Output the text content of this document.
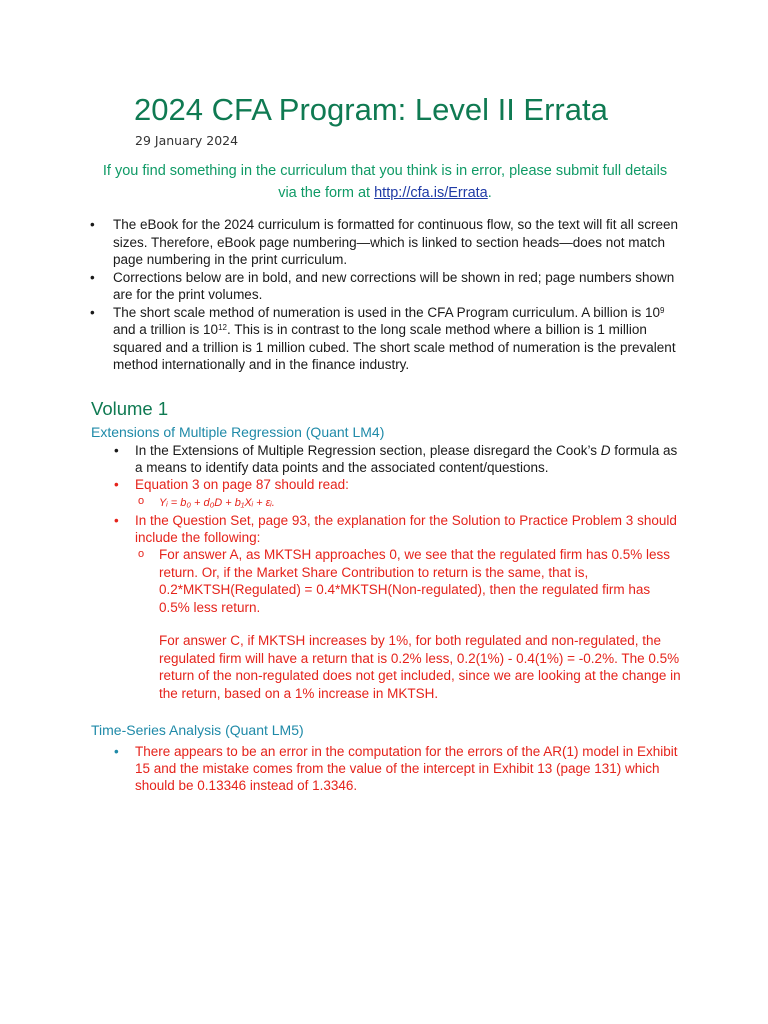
2024 CFA Program: Level II Errata
29 January 2024
If you find something in the curriculum that you think is in error, please submit full details via the form at http://cfa.is/Errata.
• The eBook for the 2024 curriculum is formatted for continuous flow, so the text will fit all screen sizes. Therefore, eBook page numbering—which is linked to section heads—does not match page numbering in the print curriculum.
• Corrections below are in bold, and new corrections will be shown in red; page numbers shown are for the print volumes.
• The short scale method of numeration is used in the CFA Program curriculum. A billion is $10^9$ and a trillion is $10^{12}$. This is in contrast to the long scale method where a billion is 1 million squared and a trillion is 1 million cubed. The short scale method of numeration is the prevalent method internationally and in the finance industry.
Volume 1
Extensions of Multiple Regression (Quant LM4)
• In the Extensions of Multiple Regression section, please disregard the Cook’s D formula as a means to identify data points and the associated content/questions.
• Equation 3 on page 87 should read:
o Yᵢ = b₀ + d₀D + b₁Xᵢ + εᵢ.
• In the Question Set, page 93, the explanation for the Solution to Practice Problem 3 should include the following:

o For answer A, as MKTSH approaches 0, we see that the regulated firm has 0.5% less return. Or, if the Market Share Contribution to return is the same, that is, 0.2*MKTSH(Regulated) = 0.4*MKTSH(Non-regulated), then the regulated firm has 0.5% less return.

For answer C, if MKTSH increases by 1%, for both regulated and non-regulated, the regulated firm will have a return that is 0.2% less, 0.2(1%) - 0.4(1%) = -0.2%. The 0.5% return of the non-regulated does not get included, since we are looking at the change in the return, based on a 1% increase in MKTSH.

Time-Series Analysis (Quant LM5)
• There appears to be an error in the computation for the errors of the AR(1) model in Exhibit 15 and the mistake comes from the value of the intercept in Exhibit 13 (page 131) which should be 0.13346 instead of 1.3346.
